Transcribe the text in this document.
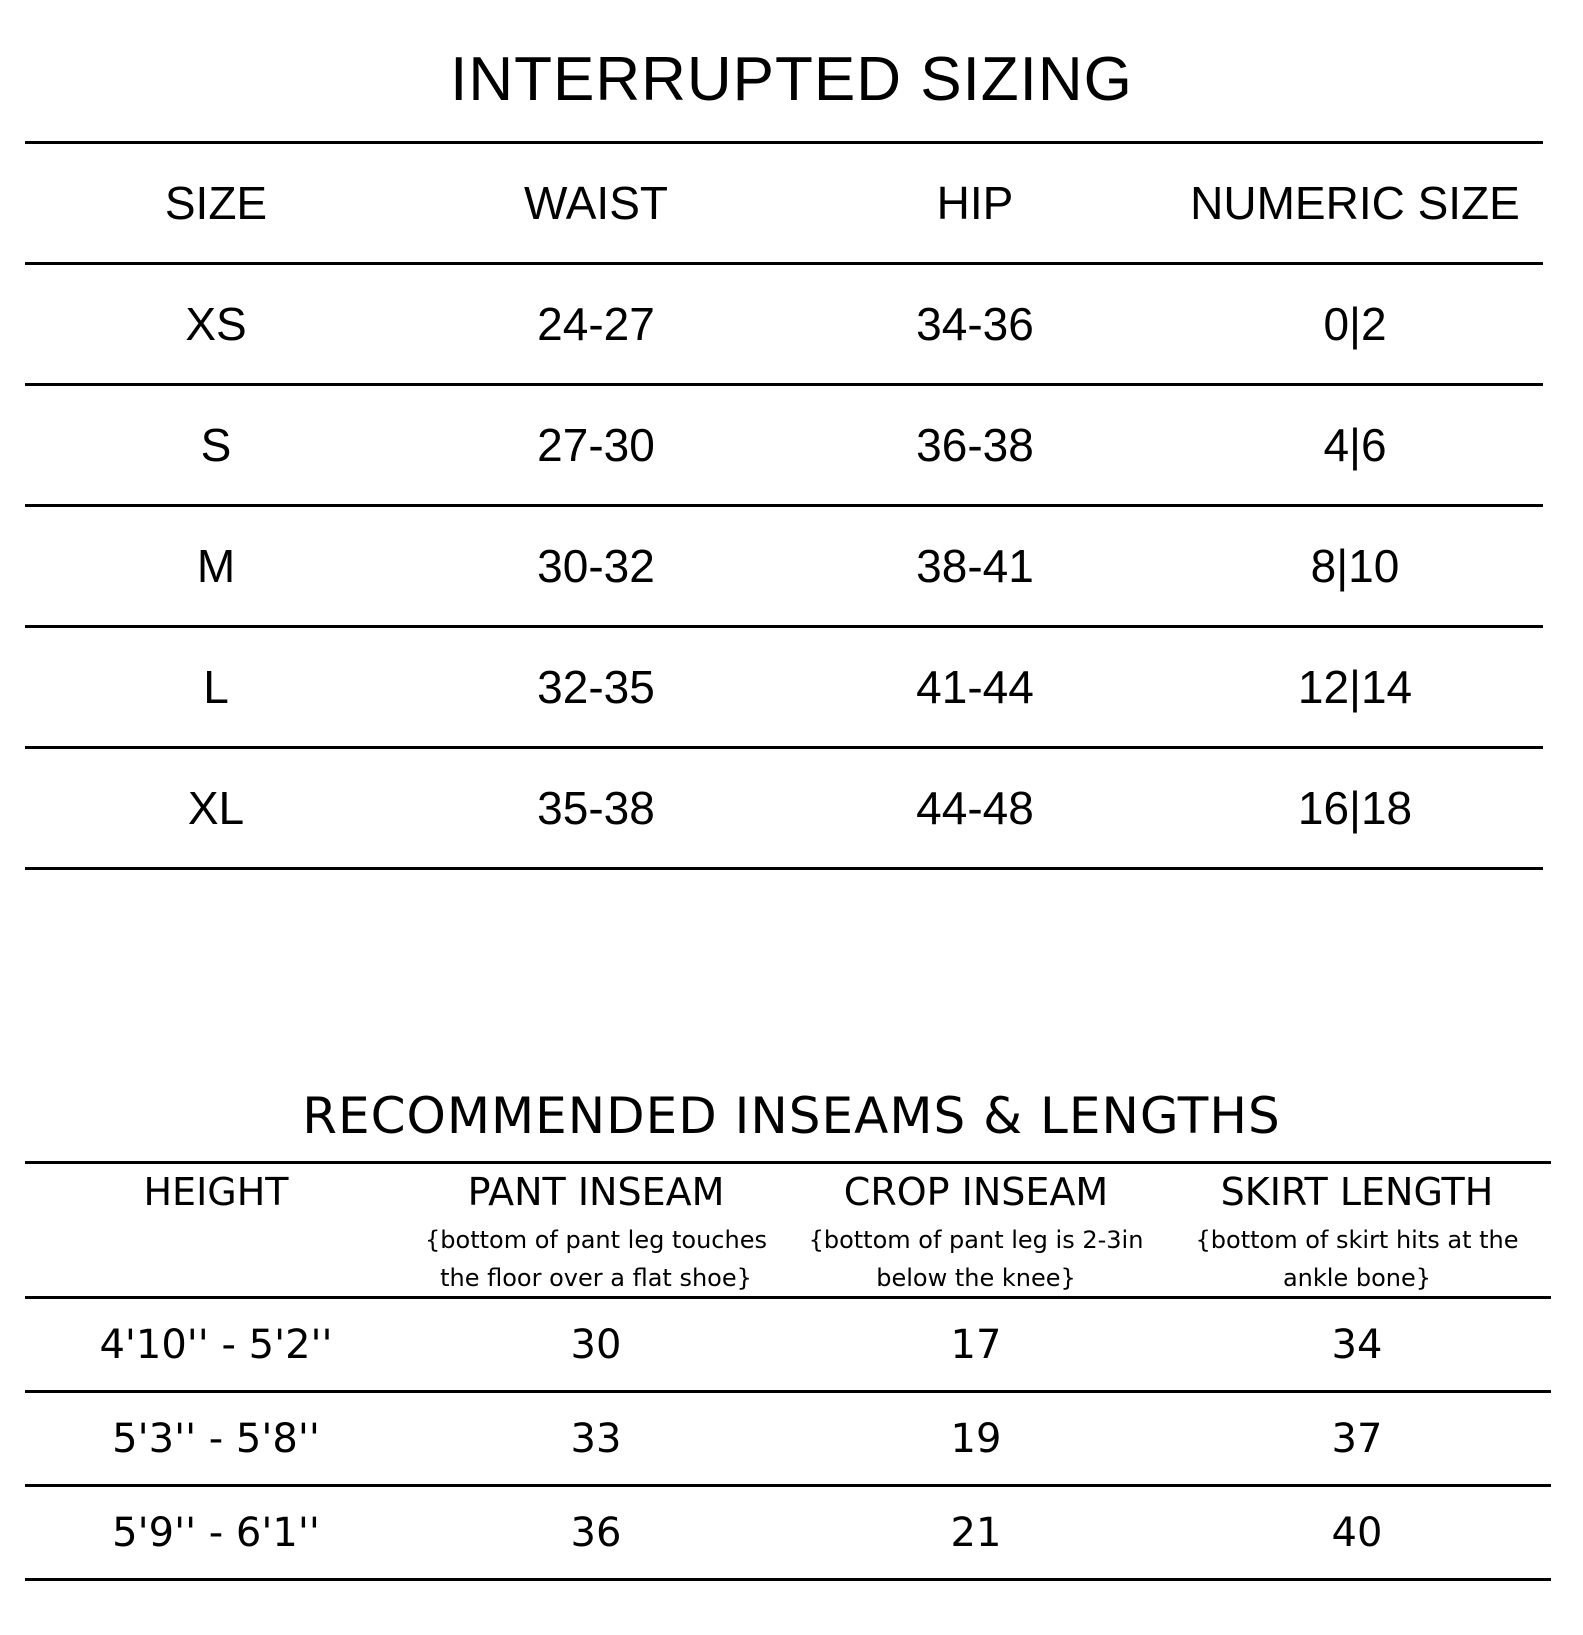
INTERRUPTED SIZING
RECOMMENDED INSEAMS & LENGTHS
SIZE	WAIST	HIP	NUMERIC SIZE
XS	24-27	34-36	0|2
S	27-30	36-38	4|6
M	30-32	38-41	8|10
L	32-35	41-44	12|14
XL	35-38	44-48	16|18
HEIGHT	PANT INSEAM	CROP INSEAM	SKIRT LENGTH
{bottom of pant leg touches the floor over a flat shoe}
{bottom of pant leg is 2-3in below the knee}
{bottom of skirt hits at the ankle bone}
4'10'' - 5'2''	30	17	34
5'3'' - 5'8''	33	19	37
5'9'' - 6'1''	36	21	40
